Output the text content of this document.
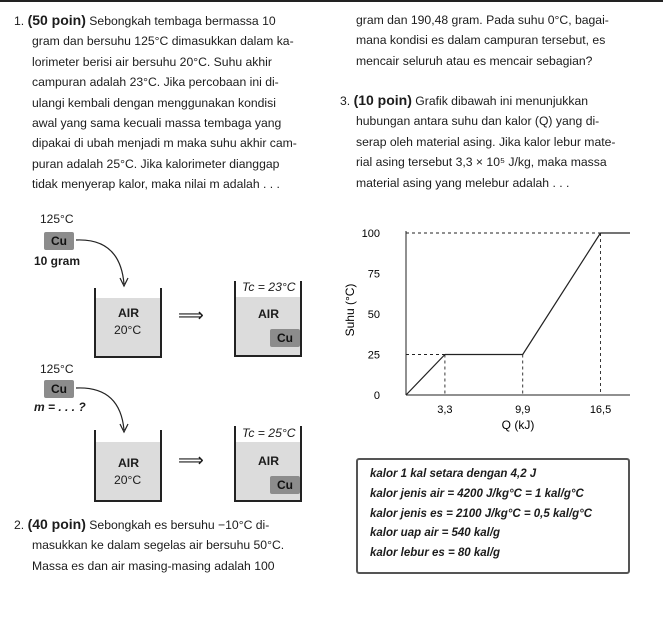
1. (50 poin) Sebongkah tembaga bermassa 10
gram dan bersuhu 125°C dimasukkan dalam ka-
lorimeter berisi air bersuhu 20°C. Suhu akhir
campuran adalah 23°C. Jika percobaan ini di-
ulangi kembali dengan menggunakan kondisi
awal yang sama kecuali massa tembaga yang
dipakai di ubah menjadi m maka suhu akhir cam-
puran adalah 25°C. Jika kalorimeter dianggap
tidak menyerap kalor, maka nilai m adalah . . .
125°C
Cu
10 gram
AIR
20°C
⟹
Tc = 23°C
AIR
Cu
125°C
Cu
m = . . . ?
AIR
20°C
⟹
Tc = 25°C
AIR
Cu
2. (40 poin) Sebongkah es bersuhu −10°C di-
masukkan ke dalam segelas air bersuhu 50°C.
Massa es dan air masing-masing adalah 100
gram dan 190,48 gram. Pada suhu 0°C, bagai-
mana kondisi es dalam campuran tersebut, es
mencair seluruh atau es mencair sebagian?
3. (10 poin) Grafik dibawah ini menunjukkan
hubungan antara suhu dan kalor (Q) yang di-
serap oleh material asing. Jika kalor lebur mate-
rial asing tersebut 3,3 × 10⁵ J/kg, maka massa
material asing yang melebur adalah . . .
0
25
50
75
100
3,3	9,9	16,5
Suhu (°C)
Q (kJ)
kalor 1 kal setara dengan 4,2 J
kalor jenis air = 4200 J/kg°C = 1 kal/g°C
kalor jenis es = 2100 J/kg°C = 0,5 kal/g°C
kalor uap air = 540 kal/g
kalor lebur es = 80 kal/g
